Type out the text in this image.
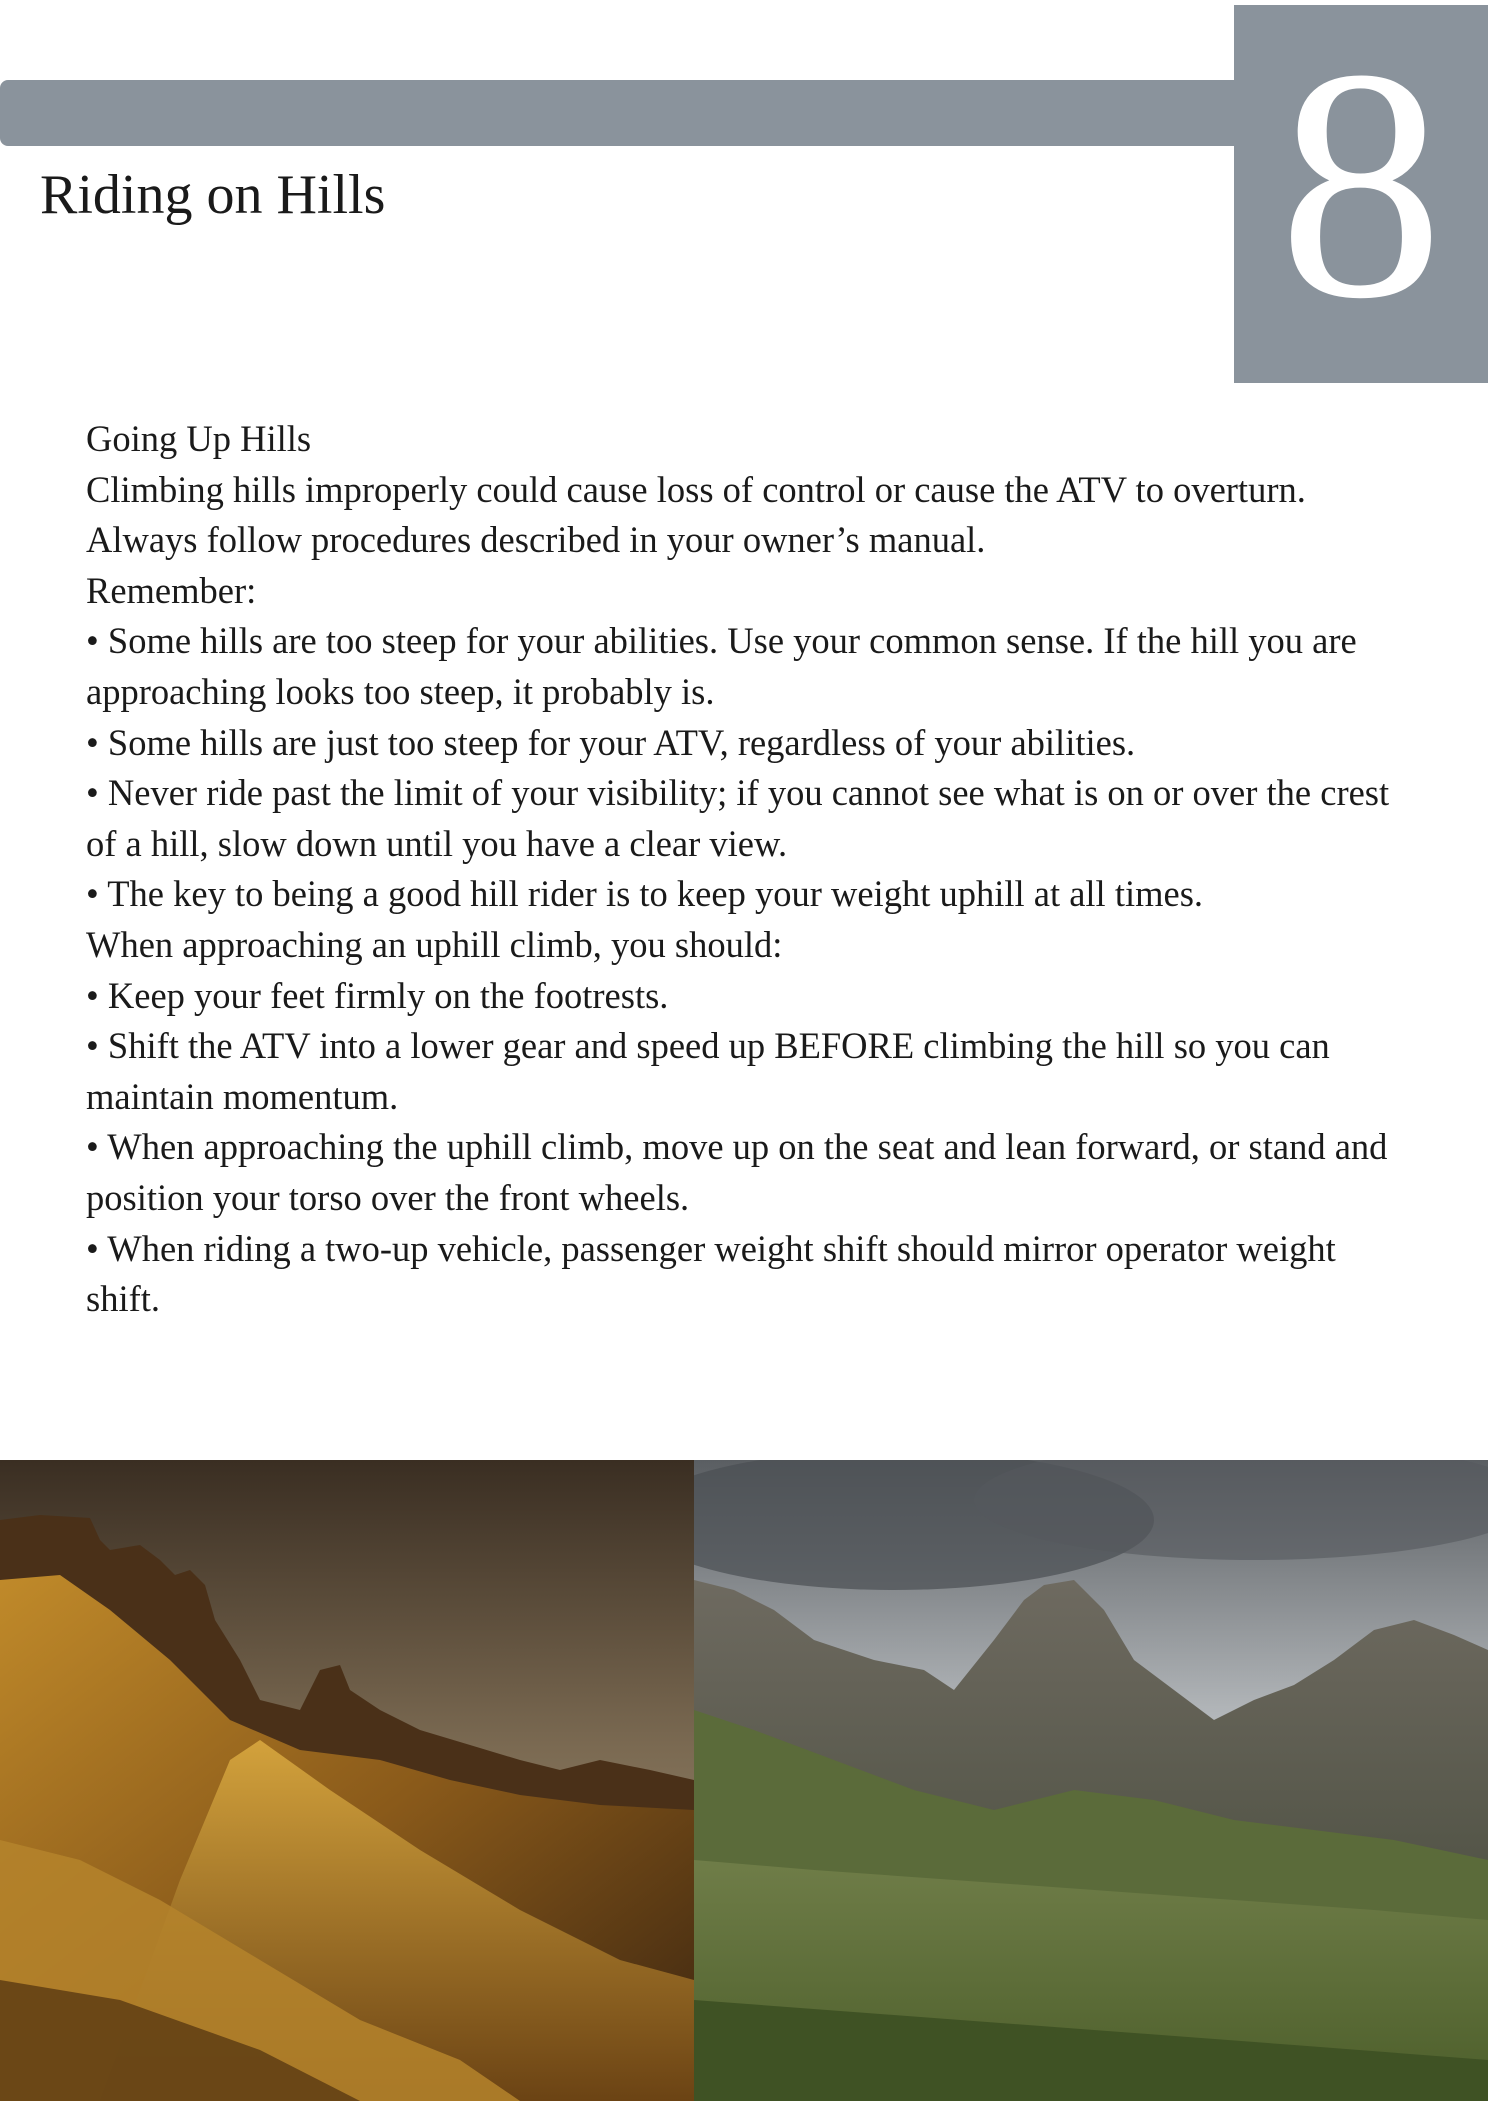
8
Riding on Hills

Going Up Hills

Climbing hills improperly could cause loss of control or cause the ATV to overturn. Always follow procedures described in your owner’s manual.

Remember:

• Some hills are too steep for your abilities. Use your common sense. If the hill you are approaching looks too steep, it probably is.

• Some hills are just too steep for your ATV, regardless of your abilities.

• Never ride past the limit of your visibility; if you cannot see what is on or over the crest of a hill, slow down until you have a clear view.

• The key to being a good hill rider is to keep your weight uphill at all times.

When approaching an uphill climb, you should:

• Keep your feet firmly on the footrests.

• Shift the ATV into a lower gear and speed up BEFORE climbing the hill so you can maintain momentum.

• When approaching the uphill climb, move up on the seat and lean forward, or stand and position your torso over the front wheels.

• When riding a two-up vehicle, passenger weight shift should mirror operator weight shift.
